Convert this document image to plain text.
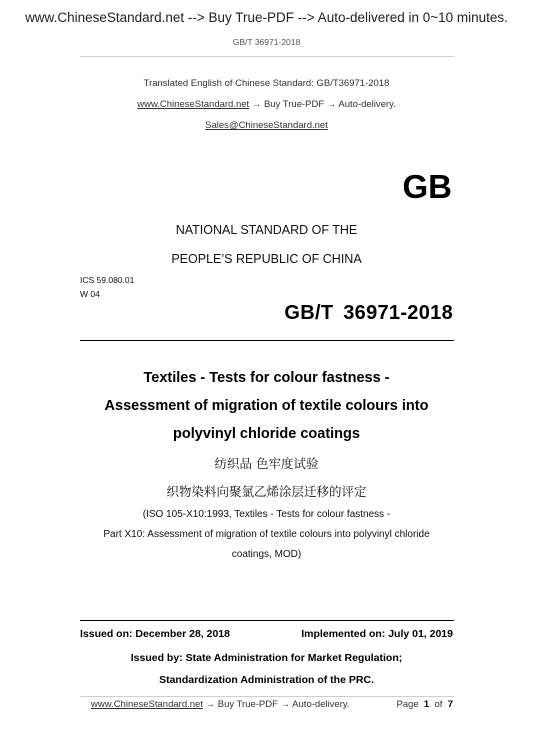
www.ChineseStandard.net --> Buy True-PDF --> Auto-delivered in 0~10 minutes.
GB/T 36971-2018
Translated English of Chinese Standard: GB/T36971-2018
www.ChineseStandard.net → Buy True-PDF → Auto-delivery.
Sales@ChineseStandard.net
GB
NATIONAL STANDARD OF THE
PEOPLE’S REPUBLIC OF CHINA
ICS 59.080.01
W 04
GB/T 36971-2018
Textiles - Tests for colour fastness -
Assessment of migration of textile colours into
polyvinyl chloride coatings
纺织品 色牢度试验
织物染料向聚氯乙烯涂层迁移的评定
(ISO 105-X10:1993, Textiles - Tests for colour fastness -
Part X10: Assessment of migration of textile colours into polyvinyl chloride
coatings, MOD)
Issued on: December 28, 2018	Implemented on: July 01, 2019
Issued by: State Administration for Market Regulation;
Standardization Administration of the PRC.
www.ChineseStandard.net → Buy True-PDF → Auto-delivery.	Page 1 of 7
